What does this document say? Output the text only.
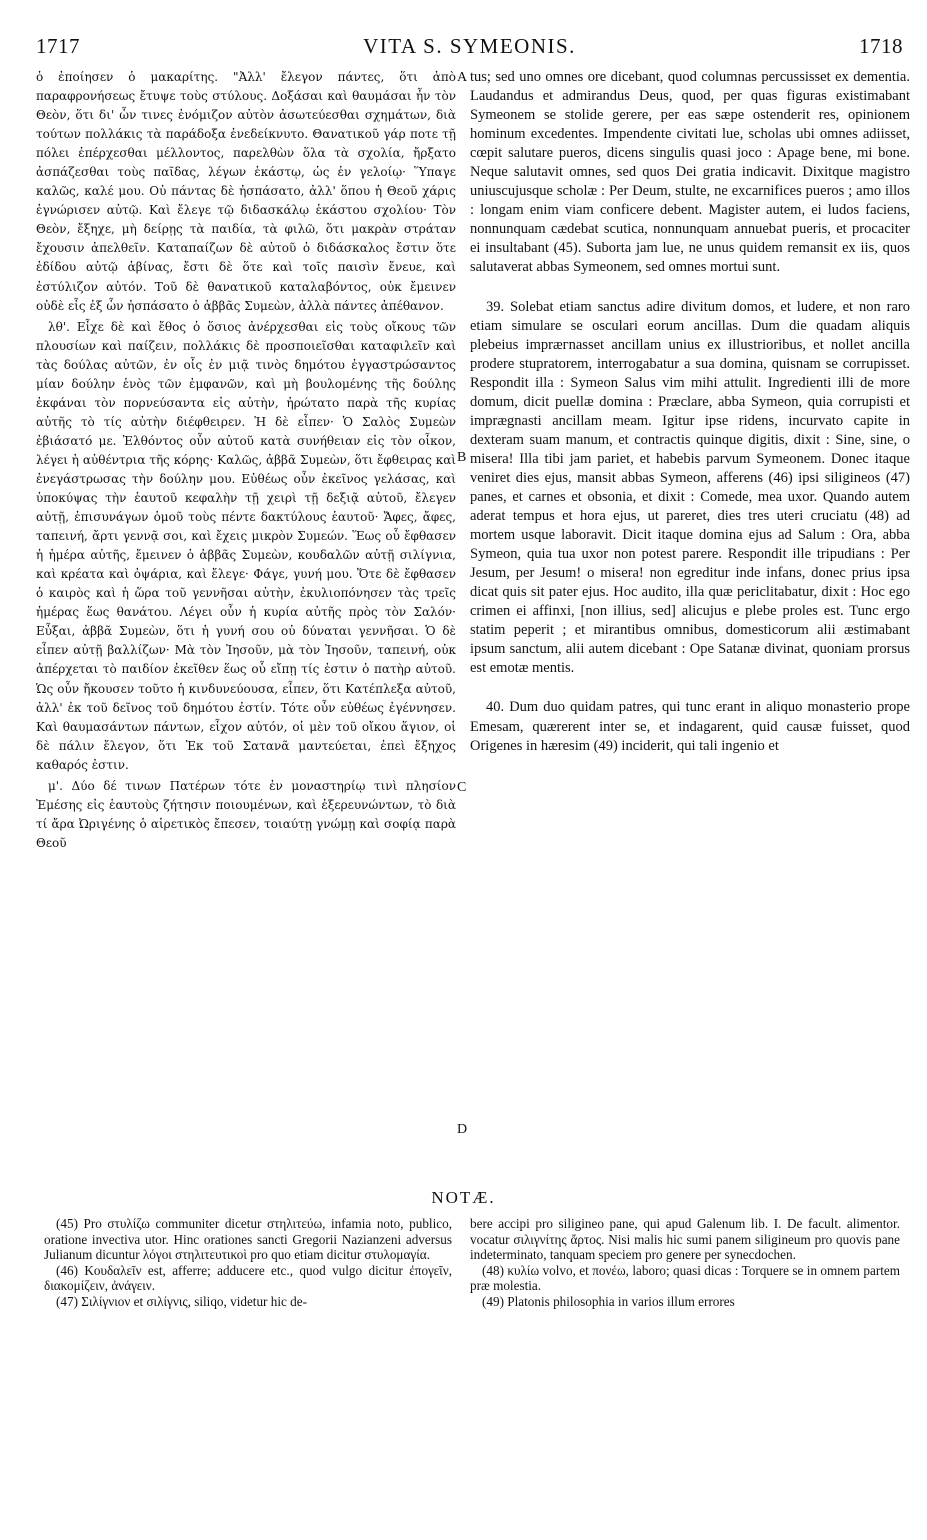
1717	VITA S. SYMEONIS.	1718

ὁ ἐποίησεν ὁ μακαρίτης. "Ἀλλ' ἔλεγον πάντες, ὅτι ἀπὸ παραφρονήσεως ἔτυψε τοὺς στύλους. Δοξάσαι καὶ θαυμάσαι ἦν τὸν Θεὸν, ὅτι δι' ὧν τινες ἐνόμιζον αὐτὸν ἀσωτεύεσθαι σχημάτων, διὰ τούτων πολλάκις τὰ παράδοξα ἐνεδείκνυτο. Θανατικοῦ γάρ ποτε τῇ πόλει ἐπέρχεσθαι μέλλοντος, παρελθὼν ὅλα τὰ σχολία, ἤρξατο ἀσπάζεσθαι τοὺς παῖδας, λέγων ἑκάστῳ, ὡς ἐν γελοίῳ· Ὕπαγε καλῶς, καλέ μου. Οὐ πάντας δὲ ἠσπάσατο, ἀλλ' ὅπου ἡ Θεοῦ χάρις ἐγνώρισεν αὐτῷ. Καὶ ἔλεγε τῷ διδασκάλῳ ἑκάστου σχολίου· Τὸν Θεὸν, ἔξηχε, μὴ δείρῃς τὰ παιδία, τὰ φιλῶ, ὅτι μακρὰν στράταν ἔχουσιν ἀπελθεῖν. Καταπαίζων δὲ αὐτοῦ ὁ διδάσκαλος ἔστιν ὅτε ἐδίδου αὐτῷ ἀβίνας, ἔστι δὲ ὅτε καὶ τοῖς παισὶν ἔνευε, καὶ ἐστύλιζον αὐτόν. Τοῦ δὲ θανατικοῦ καταλαβόντος, οὐκ ἔμεινεν οὐδὲ εἷς ἐξ ὧν ἠσπάσατο ὁ ἀββᾶς Συμεὼν, ἀλλὰ πάντες ἀπέθανον.

λθ'. Εἶχε δὲ καὶ ἔθος ὁ ὅσιος ἀνέρχεσθαι εἰς τοὺς οἴκους τῶν πλουσίων καὶ παίζειν, πολλάκις δὲ προσποιεῖσθαι καταφιλεῖν καὶ τὰς δούλας αὐτῶν, ἐν οἷς ἐν μιᾷ τινὸς δημότου ἐγγαστρώσαντος μίαν δούλην ἑνὸς τῶν ἐμφανῶν, καὶ μὴ βουλομένης τῆς δούλης ἐκφάναι τὸν πορνεύσαντα εἰς αὐτὴν, ἠρώτατο παρὰ τῆς κυρίας αὐτῆς τὸ τίς αὐτὴν διέφθειρεν. Ἡ δὲ εἶπεν· Ὁ Σαλὸς Συμεὼν ἐβιάσατό με. Ἐλθόντος οὖν αὐτοῦ κατὰ συνήθειαν εἰς τὸν οἶκον, λέγει ἡ αὐθέντρια τῆς κόρης· Καλῶς, ἀββᾶ Συμεὼν, ὅτι ἔφθειρας καὶ ἐνεγάστρωσας τὴν δούλην μου. Εὐθέως οὖν ἐκεῖνος γελάσας, καὶ ὑποκύψας τὴν ἑαυτοῦ κεφαλὴν τῇ χειρὶ τῇ δεξιᾷ αὐτοῦ, ἔλεγεν αὐτῇ, ἐπισυνάγων ὁμοῦ τοὺς πέντε δακτύλους ἑαυτοῦ· Ἄφες, ἄφες, ταπεινή, ἄρτι γεννᾷ σοι, καὶ ἔχεις μικρὸν Συμεών. Ἕως οὗ ἔφθασεν ἡ ἡμέρα αὐτῆς, ἔμεινεν ὁ ἀββᾶς Συμεὼν, κουδαλῶν αὐτῇ σιλίγνια, καὶ κρέατα καὶ ὀψάρια, καὶ ἔλεγε· Φάγε, γυνή μου. Ὅτε δὲ ἔφθασεν ὁ καιρὸς καὶ ἡ ὥρα τοῦ γεννῆσαι αὐτὴν, ἐκυλιοπόνησεν τὰς τρεῖς ἡμέρας ἕως θανάτου. Λέγει οὖν ἡ κυρία αὐτῆς πρὸς τὸν Σαλόν· Εὖξαι, ἀββᾶ Συμεὼν, ὅτι ἡ γυνή σου οὐ δύναται γεννῆσαι. Ὁ δὲ εἶπεν αὐτῇ βαλλίζων· Μὰ τὸν Ἰησοῦν, μὰ τὸν Ἰησοῦν, ταπεινή, οὐκ ἀπέρχεται τὸ παιδίον ἐκεῖθεν ἕως οὗ εἴπῃ τίς ἐστιν ὁ πατὴρ αὐτοῦ. Ὡς οὖν ἤκουσεν τοῦτο ἡ κινδυνεύουσα, εἶπεν, ὅτι Κατέπλεξα αὐτοῦ, ἀλλ' ἐκ τοῦ δεῖνος τοῦ δημότου ἐστίν. Τότε οὖν εὐθέως ἐγέννησεν. Καὶ θαυμασάντων πάντων, εἶχον αὐτόν, οἱ μὲν τοῦ οἴκου ἅγιον, οἱ δὲ πάλιν ἔλεγον, ὅτι Ἐκ τοῦ Σατανᾶ μαντεύεται, ἐπεὶ ἔξηχος καθαρός ἐστιν.

μ'. Δύο δέ τινων Πατέρων τότε ἐν μοναστηρίῳ τινὶ πλησίον Ἐμέσης εἰς ἑαυτοὺς ζήτησιν ποιουμένων, καὶ ἐξερευνώντων, τὸ διὰ τί ἄρα Ὠριγένης ὁ αἱρετικὸς ἔπεσεν, τοιαύτῃ γνώμῃ καὶ σοφίᾳ παρὰ Θεοῦ

tus; sed uno omnes ore dicebant, quod columnas percussisset ex dementia. Laudandus et admirandus Deus, quod, per quas figuras existimabant Symeonem se stolide gerere, per eas sæpe ostenderit res, opinionem hominum excedentes. Impendente civitati lue, scholas ubi omnes adiisset, cœpit salutare pueros, dicens singulis quasi joco : Apage bene, mi bone. Neque salutavit omnes, sed quos Dei gratia indicavit. Dixitque magistro uniuscujusque scholæ : Per Deum, stulte, ne excarnifices pueros ; amo illos : longam enim viam conficere debent. Magister autem, ei ludos faciens, nonnunquam cædebat scutica, nonnunquam annuebat pueris, et procaciter ei insultabant (45). Suborta jam lue, ne unus quidem remansit ex iis, quos salutaverat abbas Symeonem, sed omnes mortui sunt.

39. Solebat etiam sanctus adire divitum domos, et ludere, et non raro etiam simulare se osculari eorum ancillas. Dum die quadam aliquis plebeius impræгnasset ancillam unius ex illustrioribus, et nollet ancilla prodere stupratorem, interrogabatur a sua domina, quisnam se corrupisset. Respondit illa : Symeon Salus vim mihi attulit. Ingredienti illi de more domum, dicit puellæ domina : Præclare, abba Symeon, quia corrupisti et imprægnasti ancillam meam. Igitur ipse ridens, incurvato capite in dexteram suam manum, et contractis quinque digitis, dixit : Sine, sine, o misera! Illa tibi jam pariet, et habebis parvum Symeonem. Donec itaque veniret dies ejus, mansit abbas Symeon, afferens (46) ipsi siligineos (47) panes, et carnes et obsonia, et dixit : Comede, mea uxor. Quando autem aderat tempus et hora ejus, ut pareret, dies tres uteri cruciatu (48) ad mortem usque laboravit. Dicit itaque domina ejus ad Salum : Ora, abba Symeon, quia tua uxor non potest parere. Respondit ille tripudians : Per Jesum, per Jesum! o misera! non egreditur inde infans, donec prius ipsa dicat quis sit pater ejus. Hoc audito, illa quæ periclitabatur, dixit : Hoc ego crimen ei affinxi, [non illius, sed] alicujus e plebe proles est. Tunc ergo statim peperit ; et mirantibus omnibus, domesticorum alii æstimabant ipsum sanctum, alii autem dicebant : Ope Satanæ divinat, quoniam prorsus est emotæ mentis.

40. Dum duo quidam patres, qui tunc erant in aliquo monasterio prope Emesam, quærerent inter se, et indagarent, quid causæ fuisset, quod Origenes in hæresim (49) inciderit, qui tali ingenio et

A
B
C
D
NOTÆ.

(45) Pro στυλίζω communiter dicetur στηλιτεύω, infamia noto, publico, oratione invectiva utor. Hinc orationes sancti Gregorii Nazianzeni adversus Julianum dicuntur λόγοι στηλιτευτικοὶ pro quo etiam dicitur στυλομαγία.

(46) Κουδαλεῖν est, afferre; adducere etc., quod vulgo dicitur ἐπογεῖν, διακομίζειν, ἀνάγειν.

(47) Σιλίγνιον et σιλίγνις, siliqo, videtur hic de-

bere accipi pro siligineo pane, qui apud Galenum lib. I. De facult. alimentor. vocatur σιλιγνίτης ἄρτος. Nisi malis hic sumi panem siligineum pro quovis pane indeterminato, tanquam speciem pro genere per synecdochen.

(48) κυλίω volvo, et πονέω, laboro; quasi dicas : Torquere se in omnem partem præ molestia.

(49) Platonis philosophia in varios illum errores
